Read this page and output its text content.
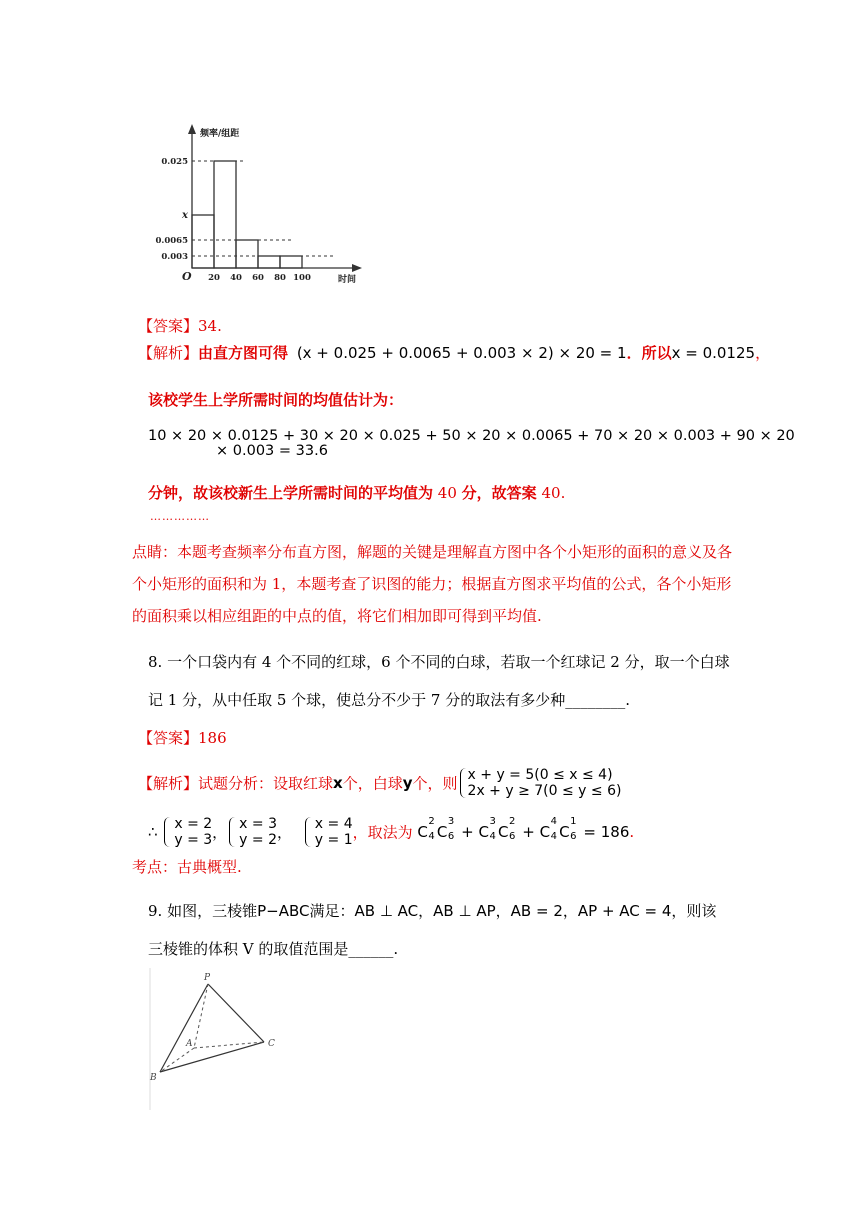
频率/组距
时间
O
0.025
x
0.0065
0.003
20 40 60 80 100
【答案】34.
【解析】由直方图可得 (x + 0.025 + 0.0065 + 0.003 × 2) × 20 = 1．所以x = 0.0125，
该校学生上学所需时间的均值估计为：
10 × 20 × 0.0125 + 30 × 20 × 0.025 + 50 × 20 × 0.0065 + 70 × 20 × 0.003 + 90 × 20
× 0.003 = 33.6
分钟，故该校新生上学所需时间的平均值为 40 分，故答案 40.
……………
点睛：本题考查频率分布直方图，解题的关键是理解直方图中各个小矩形的面积的意义及各
个小矩形的面积和为 1，本题考查了识图的能力；根据直方图求平均值的公式，各个小矩形
的面积乘以相应组距的中点的值，将它们相加即可得到平均值.
8. 一个口袋内有 4 个不同的红球，6 个不同的白球，若取一个红球记 2 分，取一个白球
记 1 分，从中任取 5 个球，使总分不少于 7 分的取法有多少种________.
【答案】186
【解析】试题分析：设取红球x个，白球y个，则 x + y = 5(0 ≤ x ≤ 4)
2x + y ≥ 7(0 ≤ y ≤ 6)
∴ x = 2
y = 3 ， x = 3
y = 2 ， x = 4
y = 1 ，取法为 C
2
4 C
3
6 + C
3
4 C
2
6 + C
4
4 C
1
6 = 186.
考点：古典概型.
9. 如图，三棱锥P−ABC满足：AB ⊥ AC，AB ⊥ AP，AB = 2，AP + AC = 4，则该
三棱锥的体积 V 的取值范围是______.
P
A
B
C
